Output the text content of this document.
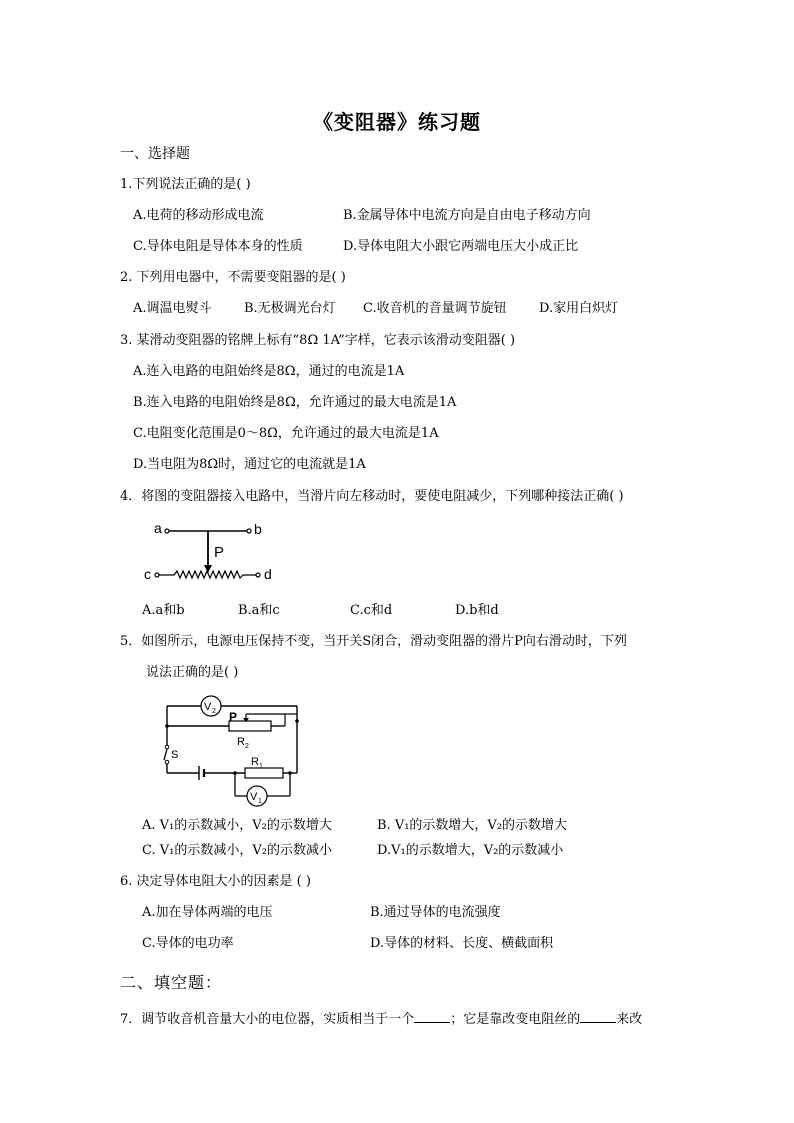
《变阻器》练习题
一、选择题
1.下列说法正确的是( )
A.电荷的移动形成电流	B.金属导体中电流方向是自由电子移动方向
C.导体电阻是导体本身的性质	D.导体电阻大小跟它两端电压大小成正比
2. 下列用电器中，不需要变阻器的是( )
A.调温电熨斗 B.无极调光台灯 C.收音机的音量调节旋钮 D.家用白炽灯
3. 某滑动变阻器的铭牌上标有“8Ω 1A”字样，它表示该滑动变阻器( )
A.连入电路的电阻始终是8Ω，通过的电流是1A
B.连入电路的电阻始终是8Ω，允许通过的最大电流是1A
C.电阻变化范围是0～8Ω，允许通过的最大电流是1A
D.当电阻为8Ω时，通过它的电流就是1A
4．将图的变阻器接入电路中，当滑片向左移动时，要使电阻减少，下列哪种接法正确( )
a	b
P
c	d
A.a和b	B.a和c	C.c和d	D.b和d
5．如图所示，电源电压保持不变，当开关S闭合，滑动变阻器的滑片P向右滑动时，下列
说法正确的是( )
V 2 P
R 2
S
R 1
V 1
A. V₁的示数减小，V₂的示数增大	B. V₁的示数增大，V₂的示数增大
C. V₁的示数减小，V₂的示数减小	D.V₁的示数增大，V₂的示数减小
6. 决定导体电阻大小的因素是 ( )
A.加在导体两端的电压	B.通过导体的电流强度
C.导体的电功率	D.导体的材料、长度、横截面积
二、填空题：
7．调节收音机音量大小的电位器，实质相当于一个	；它是靠改变电阻丝的	来改
